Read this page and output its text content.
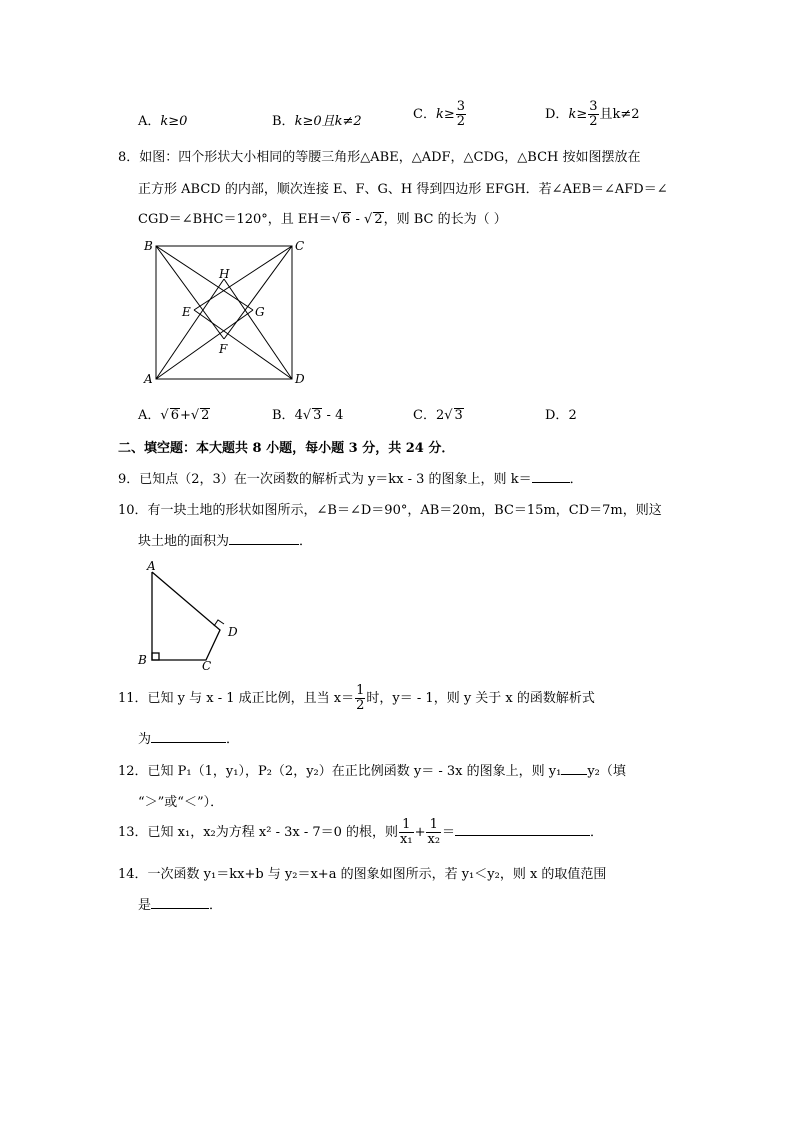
A．k≥0	B．k≥0且k≠2	C．$k\ge \frac{3}{2}$	D．$k\ge \frac{3}{2}$ 且k≠2
8．如图：四个形状大小相同的等腰三角形△ABE，△ADF，△CDG，△BCH 按如图摆放在
正方形 ABCD 的内部，顺次连接 E、F、G、H 得到四边形 EFGH．若∠AEB＝∠AFD＝∠
CGD＝∠BHC＝120°，且 EH＝√ 6 - √ 2，则 BC 的长为（ ）
B	C
A	D
H
E	G
F
A．√ 6+√ 2	B．4√ 3 - 4	C．2√ 3	D．2
二、填空题：本大题共 8 小题，每小题 3 分，共 24 分．
9．已知点（2，3）在一次函数的解析式为 y＝kx - 3 的图象上，则 k＝	．
10．有一块土地的形状如图所示，∠B＝∠D＝90°，AB＝20m，BC＝15m，CD＝7m，则这
块土地的面积为	．
A
B	C
D
11．已知 y 与 x - 1 成正比例，且当 $x= \frac{1}{2}$ 时，y＝ - 1，则 y 关于 x 的函数解析式
为	．
12．已知 P₁（1，y₁），P₂（2，y₂）在正比例函数 y＝ - 3x 的图象上，则 y₁ y₂（填
“＞”或“＜”）．
13．已知 x₁，x₂为方程 x² - 3x - 7＝0 的根，则 $\frac{1}{\text{x₁}} + \frac{1}{\text{x₂}}$ ＝	．
14．一次函数 y₁＝kx+b 与 y₂＝x+a 的图象如图所示，若 y₁＜y₂，则 x 的取值范围
是	．
